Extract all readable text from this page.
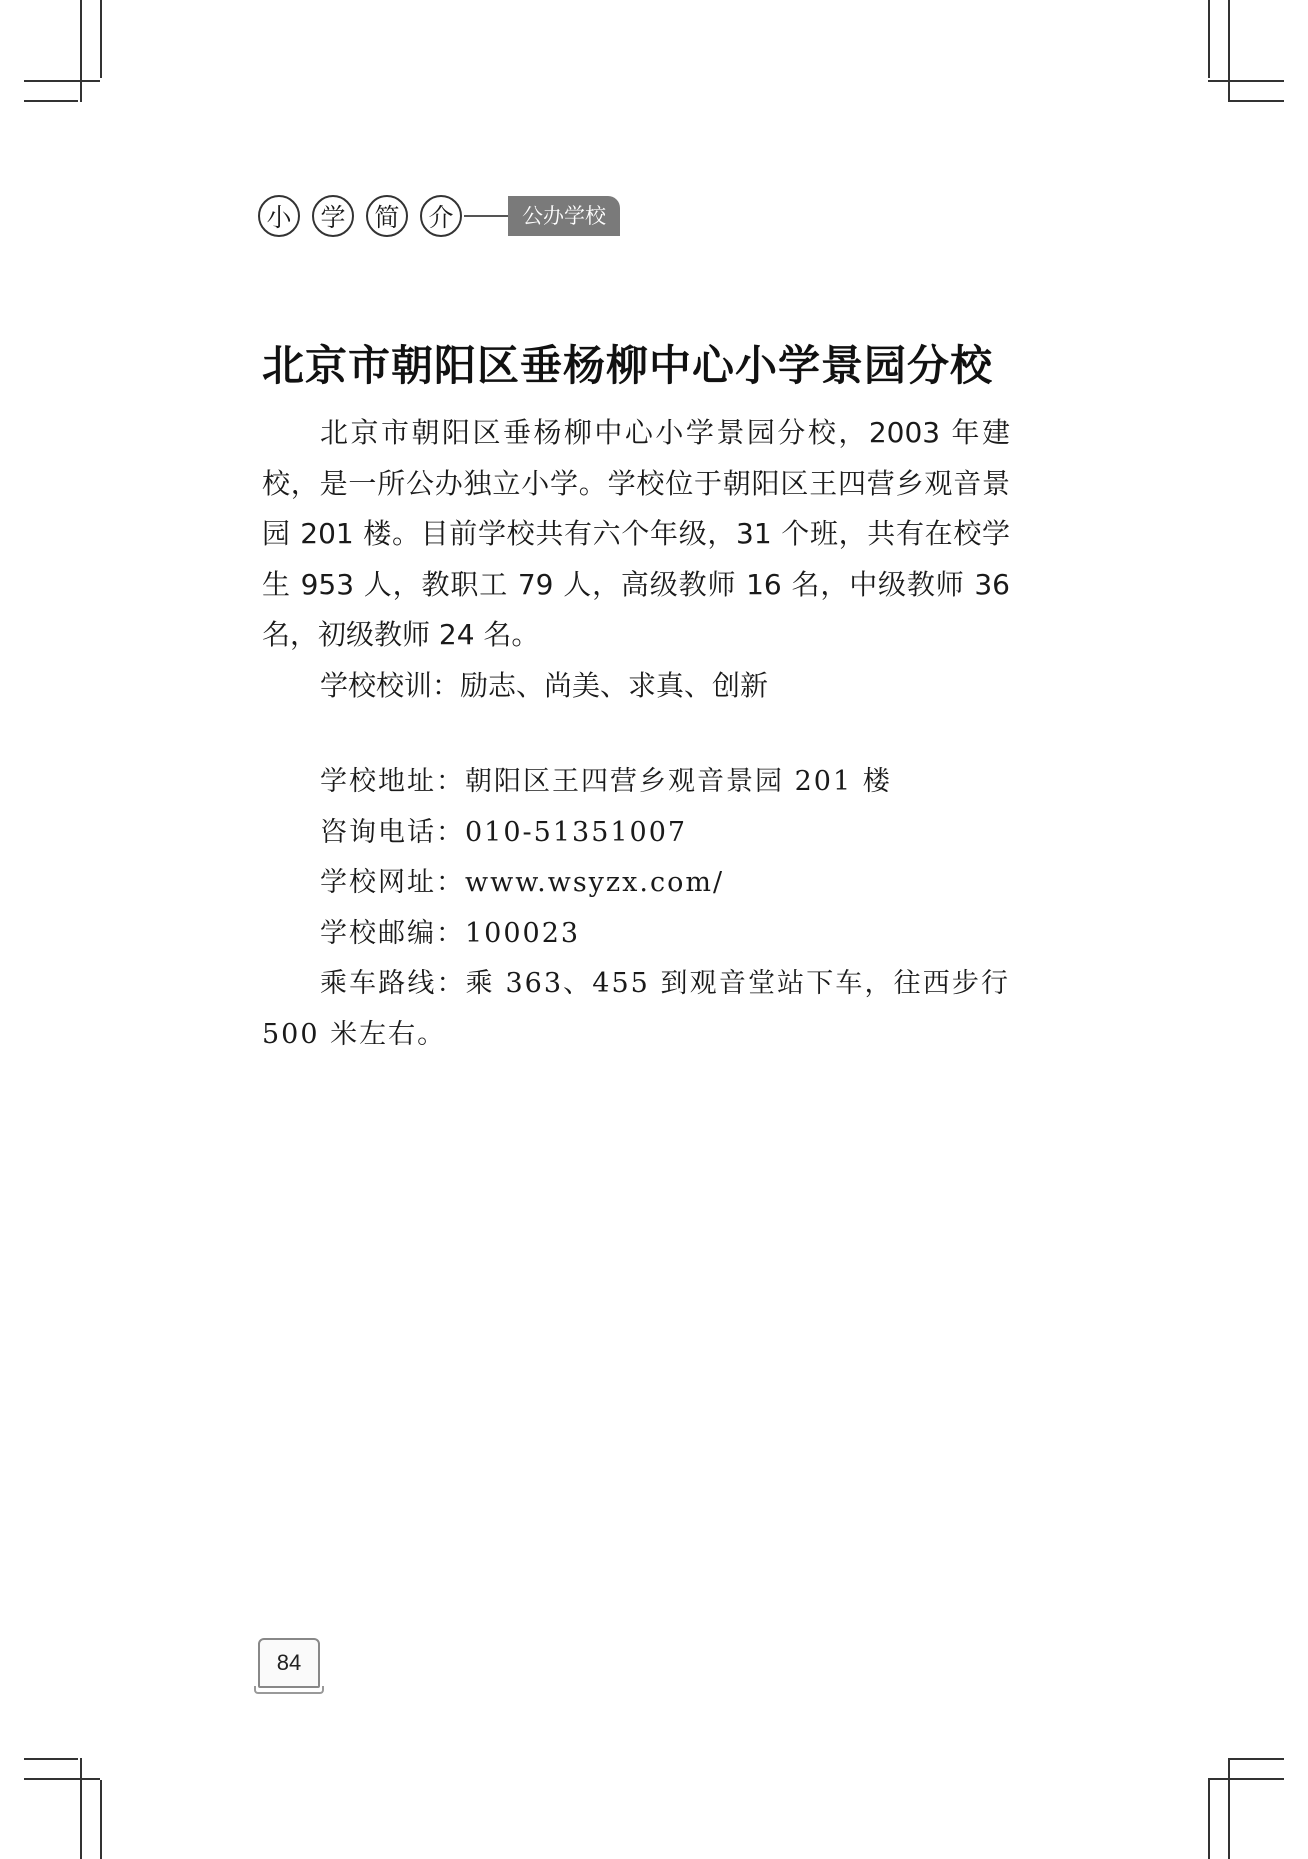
小	学	简	介	公办学校
北京市朝阳区垂杨柳中心小学景园分校

北京市朝阳区垂杨柳中心小学景园分校，2003 年建校，是一所公办独立小学。学校位于朝阳区王四营乡观音景园 201 楼。目前学校共有六个年级，31 个班，共有在校学生 953 人，教职工 79 人，高级教师 16 名，中级教师 36 名，初级教师 24 名。

学校校训：励志、尚美、求真、创新

学校地址：朝阳区王四营乡观音景园 201 楼

咨询电话：010-51351007

学校网址：www.wsyzx.com/

学校邮编：100023

乘车路线：乘 363、455 到观音堂站下车，往西步行 500 米左右。

84
